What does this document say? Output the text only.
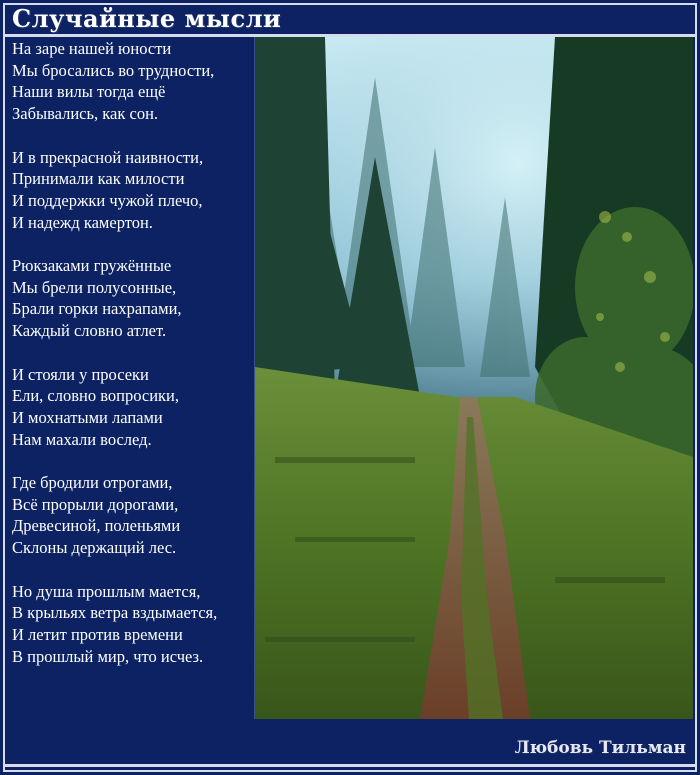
Случайные мысли
На заре нашей юности
Мы бросались во трудности,
Наши вилы тогда ещё
Забывались, как сон.
И в прекрасной наивности,
Принимали как милости
И поддержки чужой плечо,
И надежд камертон.
Рюкзаками гружённые
Мы брели полусонные,
Брали горки нахрапами,
Каждый словно атлет.
И стояли у просеки
Ели, словно вопросики,
И мохнатыми лапами
Нам махали вослед.
Где бродили отрогами,
Всё прорыли дорогами,
Древесиной, поленьями
Склоны держащий лес.
Но душа прошлым мается,
В крыльях ветра вздымается,
И летит против времени
В прошлый мир, что исчез.
Любовь Тильман
